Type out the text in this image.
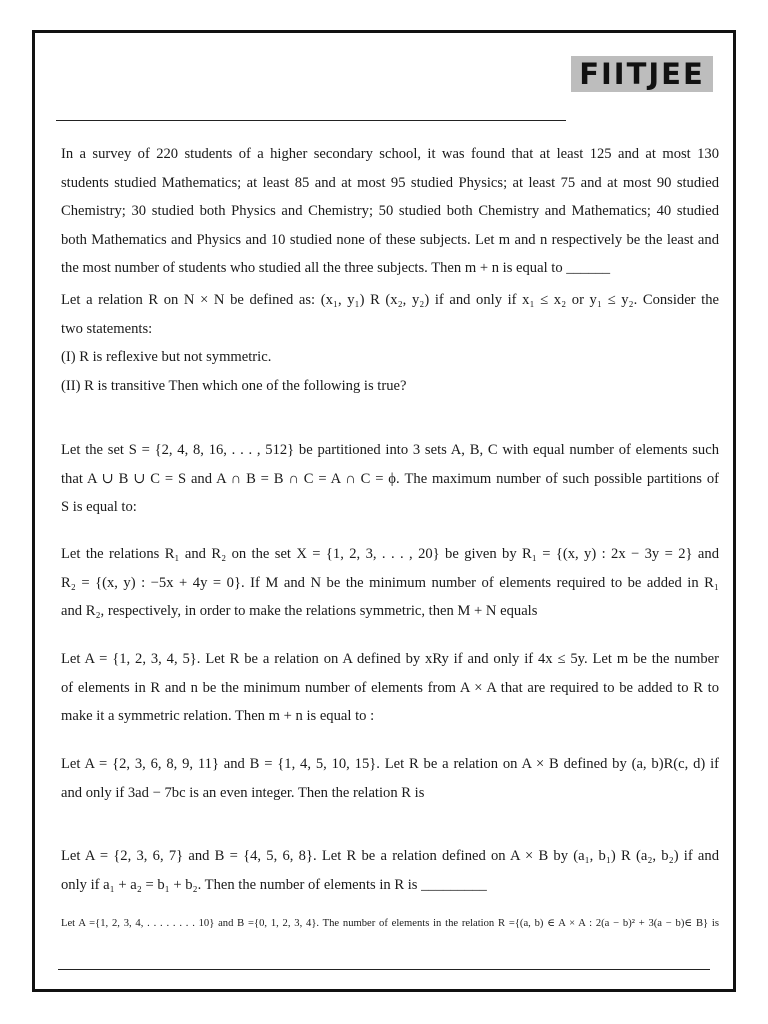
FIITJEE
In a survey of 220 students of a higher secondary school, it was found that at least 125 and at most 130
students studied Mathematics; at least 85 and at most 95 studied Physics; at least 75 and at most 90 studied
Chemistry; 30 studied both Physics and Chemistry; 50 studied both Chemistry and Mathematics; 40 studied
both Mathematics and Physics and 10 studied none of these subjects. Let m and n respectively be the least and
the most number of students who studied all the three subjects. Then m + n is equal to ______
Let a relation R on N × N be defined as: (x₁, y₁) R (x₂, y₂) if and only if x₁ ≤ x₂ or y₁ ≤ y₂. Consider the
two statements:
(I) R is reflexive but not symmetric.
(II) R is transitive Then which one of the following is true?
Let the set S = {2, 4, 8, 16, . . . , 512} be partitioned into 3 sets A, B, C with equal number of elements such
that A ∪ B ∪ C = S and A ∩ B = B ∩ C = A ∩ C = ϕ. The maximum number of such possible partitions of
S is equal to:
Let the relations R₁ and R₂ on the set X = {1, 2, 3, . . . , 20} be given by R₁ = {(x, y) : 2x − 3y = 2} and
R₂ = {(x, y) : −5x + 4y = 0}. If M and N be the minimum number of elements required to be added in R₁
and R₂, respectively, in order to make the relations symmetric, then M + N equals
Let A = {1, 2, 3, 4, 5}. Let R be a relation on A defined by xRy if and only if 4x ≤ 5y. Let m be the number
of elements in R and n be the minimum number of elements from A × A that are required to be added to R to
make it a symmetric relation. Then m + n is equal to :
Let A = {2, 3, 6, 8, 9, 11} and B = {1, 4, 5, 10, 15}. Let R be a relation on A × B defined by (a, b)R(c, d) if
and only if 3ad − 7bc is an even integer. Then the relation R is
Let A = {2, 3, 6, 7} and B = {4, 5, 6, 8}. Let R be a relation defined on A × B by (a₁, b₁) R (a₂, b₂) if and
only if a₁ + a₂ = b₁ + b₂. Then the number of elements in R is _________
Let A ={1, 2, 3, 4, . . . . . . . . 10} and B ={0, 1, 2, 3, 4}. The number of elements in the relation R ={(a, b) ∈ A × A : 2(a − b)² + 3(a − b)∈ B} is
